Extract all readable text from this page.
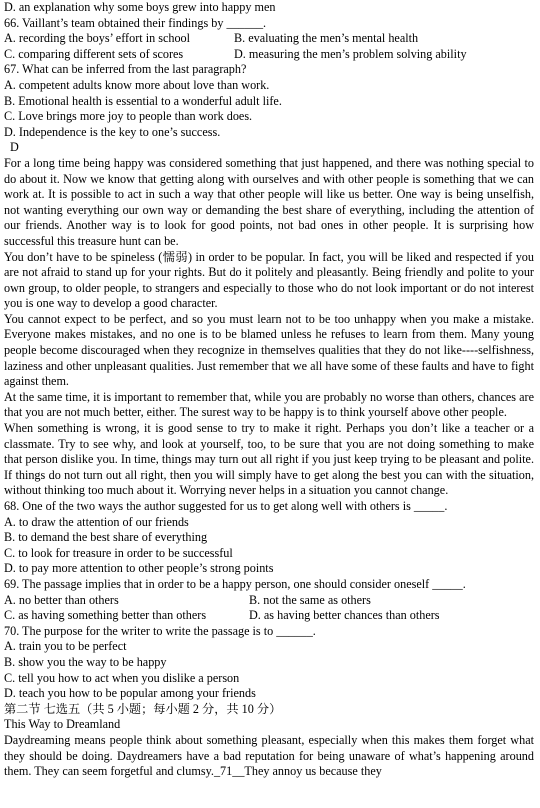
D. an explanation why some boys grew into happy men
66. Vaillant’s team obtained their findings by ______.
A. recording the boys’ effort in school	B. evaluating the men’s mental health
C. comparing different sets of scores	D. measuring the men’s problem solving ability
67. What can be inferred from the last paragraph?
A. competent adults know more about love than work.
B. Emotional health is essential to a wonderful adult life.
C. Love brings more joy to people than work does.
D. Independence is the key to one’s success.
D
For a long time being happy was considered something that just happened, and there was nothing special to do about it. Now we know that getting along with ourselves and with other people is something that we can work at. It is possible to act in such a way that other people will like us better. One way is being unselfish, not wanting everything our own way or demanding the best share of everything, including the attention of our friends. Another way is to look for good points, not bad ones in other people. It is surprising how successful this treasure hunt can be.
You don’t have to be spineless (懦弱) in order to be popular. In fact, you will be liked and respected if you are not afraid to stand up for your rights. But do it politely and pleasantly. Being friendly and polite to your own group, to older people, to strangers and especially to those who do not look important or do not interest you is one way to develop a good character.
You cannot expect to be perfect, and so you must learn not to be too unhappy when you make a mistake. Everyone makes mistakes, and no one is to be blamed unless he refuses to learn from them. Many young people become discouraged when they recognize in themselves qualities that they do not like----selfishness, laziness and other unpleasant qualities. Just remember that we all have some of these faults and have to fight against them.
At the same time, it is important to remember that, while you are probably no worse than others, chances are that you are not much better, either. The surest way to be happy is to think yourself above other people.
When something is wrong, it is good sense to try to make it right. Perhaps you don’t like a teacher or a classmate. Try to see why, and look at yourself, too, to be sure that you are not doing something to make that person dislike you. In time, things may turn out all right if you just keep trying to be pleasant and polite. If things do not turn out all right, then you will simply have to get along the best you can with the situation, without thinking too much about it. Worrying never helps in a situation you cannot change.
68. One of the two ways the author suggested for us to get along well with others is _____.
A. to draw the attention of our friends
B. to demand the best share of everything
C. to look for treasure in order to be successful
D. to pay more attention to other people’s strong points
69. The passage implies that in order to be a happy person, one should consider oneself _____.
A. no better than others	B. not the same as others
C. as having something better than others	D. as having better chances than others
70. The purpose for the writer to write the passage is to ______.
A. train you to be perfect
B. show you the way to be happy
C. tell you how to act when you dislike a person
D. teach you how to be popular among your friends
第二节 七选五（共 5 小题；每小题 2 分，共 10 分）
This Way to Dreamland
Daydreaming means people think about something pleasant, especially when this makes them forget what they should be doing. Daydreamers have a bad reputation for being unaware of what’s happening around them. They can seem forgetful and clumsy._71__They annoy us because they
